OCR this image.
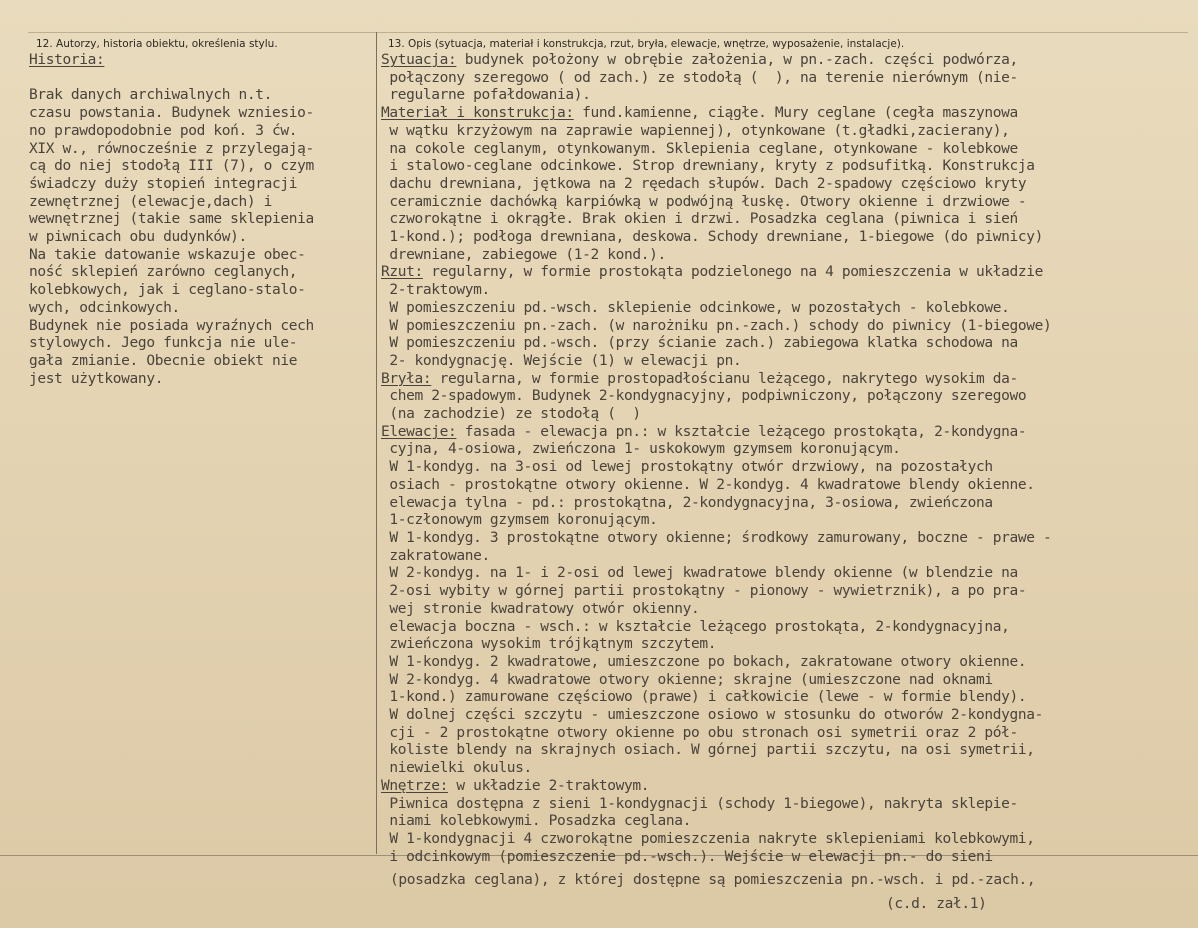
12. Autorzy, historia obiektu, określenia stylu.	13. Opis (sytuacja, materiał i konstrukcja, rzut, bryła, elewacje, wnętrze, wyposażenie, instalacje).
Historia:

Brak danych archiwalnych n.t.
czasu powstania. Budynek wzniesio-
no prawdopodobnie pod koń. 3 ćw.
XIX w., równocześnie z przylegają-
cą do niej stodołą III (7), o czym
świadczy duży stopień integracji
zewnętrznej (elewacje,dach) i
wewnętrznej (takie same sklepienia
w piwnicach obu dudynków).
Na takie datowanie wskazuje obec-
ność sklepień zarówno ceglanych,
kolebkowych, jak i ceglano-stalo-
wych, odcinkowych.
Budynek nie posiada wyraźnych cech
stylowych. Jego funkcja nie ule-
gała zmianie. Obecnie obiekt nie
jest użytkowany.
Sytuacja: budynek położony w obrębie założenia, w pn.-zach. części podwórza,
połączony szeregowo ( od zach.) ze stodołą (  ), na terenie nierównym (nie-
regularne pofałdowania).
Materiał i konstrukcja: fund.kamienne, ciągłe. Mury ceglane (cegła maszynowa
w wątku krzyżowym na zaprawie wapiennej), otynkowane (t.gładki,zacierany),
na cokole ceglanym, otynkowanym. Sklepienia ceglane, otynkowane - kolebkowe
i stalowo-ceglane odcinkowe. Strop drewniany, kryty z podsufitką. Konstrukcja
dachu drewniana, jętkowa na 2 ręedach słupów. Dach 2-spadowy częściowo kryty
ceramicznie dachówką karpiówką w podwójną łuskę. Otwory okienne i drzwiowe -
czworokątne i okrągłe. Brak okien i drzwi. Posadzka ceglana (piwnica i sień
1-kond.); podłoga drewniana, deskowa. Schody drewniane, 1-biegowe (do piwnicy)
drewniane, zabiegowe (1-2 kond.).
Rzut: regularny, w formie prostokąta podzielonego na 4 pomieszczenia w układzie
2-traktowym.
W pomieszczeniu pd.-wsch. sklepienie odcinkowe, w pozostałych - kolebkowe.
W pomieszczeniu pn.-zach. (w narożniku pn.-zach.) schody do piwnicy (1-biegowe)
W pomieszczeniu pd.-wsch. (przy ścianie zach.) zabiegowa klatka schodowa na
2- kondygnację. Wejście (1) w elewacji pn.
Bryła: regularna, w formie prostopadłościanu leżącego, nakrytego wysokim da-
chem 2-spadowym. Budynek 2-kondygnacyjny, podpiwniczony, połączony szeregowo
(na zachodzie) ze stodołą (  )
Elewacje: fasada - elewacja pn.: w kształcie leżącego prostokąta, 2-kondygna-
cyjna, 4-osiowa, zwieńczona 1- uskokowym gzymsem koronującym.
W 1-kondyg. na 3-osi od lewej prostokątny otwór drzwiowy, na pozostałych
osiach - prostokątne otwory okienne. W 2-kondyg. 4 kwadratowe blendy okienne.
elewacja tylna - pd.: prostokątna, 2-kondygnacyjna, 3-osiowa, zwieńczona
1-członowym gzymsem koronującym.
W 1-kondyg. 3 prostokątne otwory okienne; środkowy zamurowany, boczne - prawe -
zakratowane.
W 2-kondyg. na 1- i 2-osi od lewej kwadratowe blendy okienne (w blendzie na
2-osi wybity w górnej partii prostokątny - pionowy - wywietrznik), a po pra-
wej stronie kwadratowy otwór okienny.
elewacja boczna - wsch.: w kształcie leżącego prostokąta, 2-kondygnacyjna,
zwieńczona wysokim trójkątnym szczytem.
W 1-kondyg. 2 kwadratowe, umieszczone po bokach, zakratowane otwory okienne.
W 2-kondyg. 4 kwadratowe otwory okienne; skrajne (umieszczone nad oknami
1-kond.) zamurowane częściowo (prawe) i całkowicie (lewe - w formie blendy).
W dolnej części szczytu - umieszczone osiowo w stosunku do otworów 2-kondygna-
cji - 2 prostokątne otwory okienne po obu stronach osi symetrii oraz 2 pół-
koliste blendy na skrajnych osiach. W górnej partii szczytu, na osi symetrii,
niewielki okulus.
Wnętrze: w układzie 2-traktowym.
Piwnica dostępna z sieni 1-kondygnacji (schody 1-biegowe), nakryta sklepie-
niami kolebkowymi. Posadzka ceglana.
W 1-kondygnacji 4 czworokątne pomieszczenia nakryte sklepieniami kolebkowymi,
i odcinkowym (pomieszczenie pd.-wsch.). Wejście w elewacji pn.- do sieni
(posadzka ceglana), z której dostępne są pomieszczenia pn.-wsch. i pd.-zach.,
(c.d. zał.1)
